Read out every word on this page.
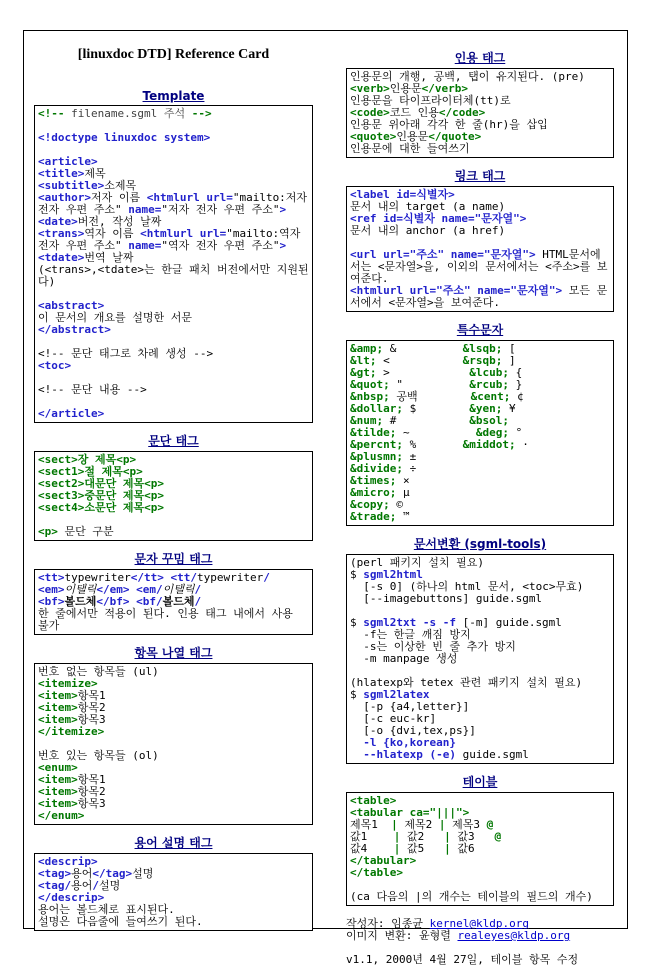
[linuxdoc DTD] Reference Card
Template
<!-- filename.sgml 주석 -->
<!doctype linuxdoc system>
<article>
<title>제목
<subtitle>소제목
<author>저자 이름 <htmlurl url="mailto:저자 전자 우편 주소" name="저자 전자 우편 주소">
<date>버전, 작성 날짜
<trans>역자 이름 <htmlurl url="mailto:역자 전자 우편 주소" name="역자 전자 우편 주소">
<tdate>번역 날짜
(<trans>,<tdate>는 한글 패치 버전에서만 지원된다)
<abstract>
이 문서의 개요를 설명한 서문
</abstract>
<!-- 문단 태그로 차례 생성 -->
<toc>
<!-- 문단 내용 -->
</article>
문단 태그
<sect>장 제목<p>
<sect1>절 제목<p>
<sect2>대문단 제목<p>
<sect3>중문단 제목<p>
<sect4>소문단 제목<p>
<p> 문단 구분
문자 꾸밈 태그
<tt>typewriter</tt> <tt/typewriter/
<em>이탤릭</em> <em/이탤릭/
<bf>볼드체</bf> <bf/볼드체/
한 줄에서만 적용이 된다. 인용 태그 내에서 사용 불가
항목 나열 태그
번호 없는 항목들 (ul)
<itemize>
<item>항목1
<item>항목2
<item>항목3
</itemize>
번호 있는 항목들 (ol)
<enum>
<item>항목1
<item>항목2
<item>항목3
</enum>
용어 설명 태그
<descrip>
<tag>용어</tag>설명
<tag/용어/설명
</descrip>
용어는 볼드체로 표시된다.
설명은 다음줄에 들여쓰기 된다.
인용 태그
인용문의 개행, 공백, 탭이 유지된다. (pre)
<verb>인용문</verb>
인용문을 타이프라이터체(tt)로
<code>코드 인용</code>
인용문 위아래 각각 한 줄(hr)을 삽입
<quote>인용문</quote>
인용문에 대한 들여쓰기
링크 태그
<label id=식별자>
문서 내의 target (a name)
<ref id=식별자 name="문자열">
문서 내의 anchor (a href)
<url url="주소" name="문자열"> HTML문서에서는 <문자열>을, 이외의 문서에서는 <주소>를 보여준다.
<htmlurl url="주소" name="문자열"> 모든 문서에서 <문자열>을 보여준다.
특수문자
&amp; &          &lsqb; [
&lt; <           &rsqb; ]
&gt; >            &lcub; {
&quot; "          &rcub; }
&nbsp; 공백        &cent; ¢
&dollar; $        &yen; ¥
&num; #           &bsol;
&tilde; ~          &deg; °
&percnt; %       &middot; ·
&plusmn; ±
&divide; ÷
&times; ×
&micro; µ
&copy; ©
&trade; ™
문서변환 (sgml-tools)
(perl 패키지 설치 필요)
$ sgml2html
[-s 0] (하나의 html 문서, <toc>무효)
[--imagebuttons] guide.sgml
$ sgml2txt -s -f [-m] guide.sgml
-f는 한글 깨짐 방지
-s는 이상한 빈 줄 추가 방지
-m manpage 생성
(hlatexp와 tetex 관련 패키지 설치 필요)
$ sgml2latex
[-p {a4,letter}]
[-c euc-kr]
[-o {dvi,tex,ps}]
-l {ko,korean}
--hlatexp (-e) guide.sgml
테이블
<table>
<tabular ca="|||">
제목1  | 제목2 | 제목3 @
값1    | 값2   | 값3   @
값4    | 값5   | 값6
</tabular>
</table>
(ca 다음의 |의 개수는 테이블의 필드의 개수)
작성자: 임종균 kernel@kldp.org
이미지 변환: 윤형렬 realeyes@kldp.org
v1.1, 2000년 4월 27일, 테이블 항목 수정
